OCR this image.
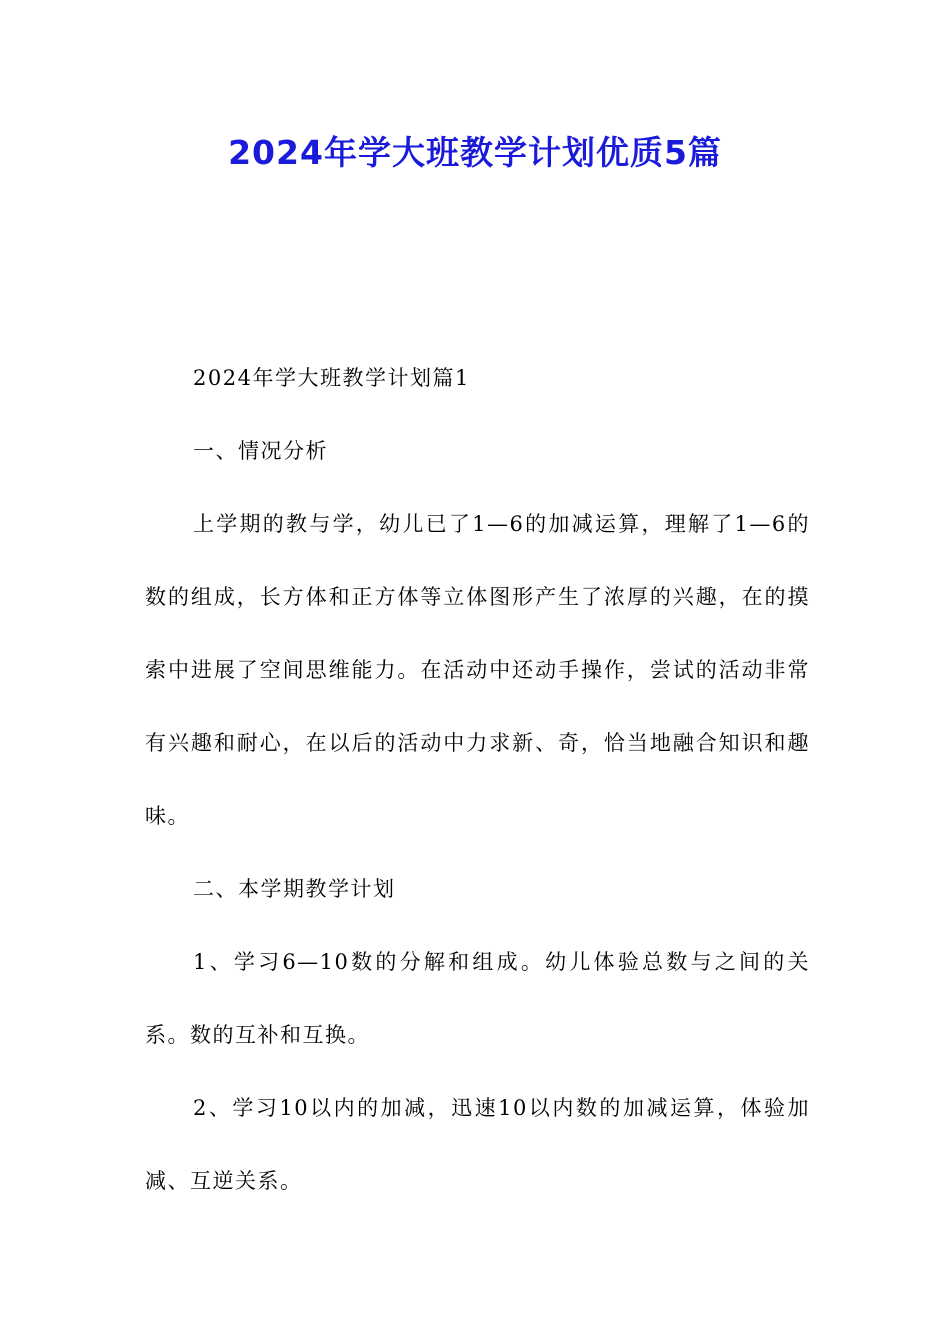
2024年学大班教学计划优质5篇

2024年学大班教学计划篇1

一、情况分析

上学期的教与学，幼儿已了1—6的加减运算，理解了1—6的数的组成，长方体和正方体等立体图形产生了浓厚的兴趣，在的摸索中进展了空间思维能力。在活动中还动手操作，尝试的活动非常有兴趣和耐心，在以后的活动中力求新、奇，恰当地融合知识和趣味。

二、本学期教学计划

1、学习6—10数的分解和组成。幼儿体验总数与之间的关系。数的互补和互换。

2、学习10以内的加减，迅速10以内数的加减运算，体验加减、互逆关系。
